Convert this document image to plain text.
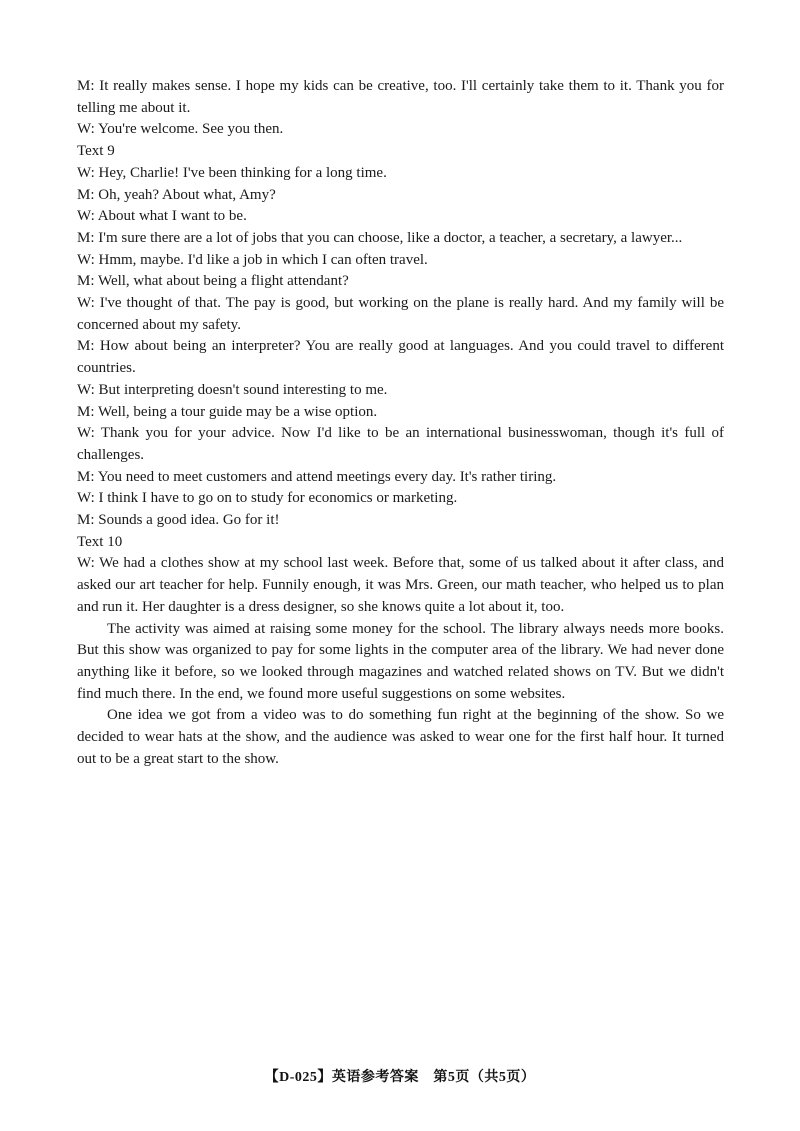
M: It really makes sense. I hope my kids can be creative, too. I'll certainly take them to it. Thank you for telling me about it.

W: You're welcome. See you then.

Text 9

W: Hey, Charlie! I've been thinking for a long time.

M: Oh, yeah? About what, Amy?

W: About what I want to be.

M: I'm sure there are a lot of jobs that you can choose, like a doctor, a teacher, a secretary, a lawyer...

W: Hmm, maybe. I'd like a job in which I can often travel.

M: Well, what about being a flight attendant?

W: I've thought of that. The pay is good, but working on the plane is really hard. And my family will be concerned about my safety.

M: How about being an interpreter? You are really good at languages. And you could travel to different countries.

W: But interpreting doesn't sound interesting to me.

M: Well, being a tour guide may be a wise option.

W: Thank you for your advice. Now I'd like to be an international businesswoman, though it's full of challenges.

M: You need to meet customers and attend meetings every day. It's rather tiring.

W: I think I have to go on to study for economics or marketing.

M: Sounds a good idea. Go for it!

Text 10

W: We had a clothes show at my school last week. Before that, some of us talked about it after class, and asked our art teacher for help. Funnily enough, it was Mrs. Green, our math teacher, who helped us to plan and run it. Her daughter is a dress designer, so she knows quite a lot about it, too.

The activity was aimed at raising some money for the school. The library always needs more books. But this show was organized to pay for some lights in the computer area of the library. We had never done anything like it before, so we looked through magazines and watched related shows on TV. But we didn't find much there. In the end, we found more useful suggestions on some websites.

One idea we got from a video was to do something fun right at the beginning of the show. So we decided to wear hats at the show, and the audience was asked to wear one for the first half hour. It turned out to be a great start to the show.

【D-025】英语参考答案　第5页（共5页）
